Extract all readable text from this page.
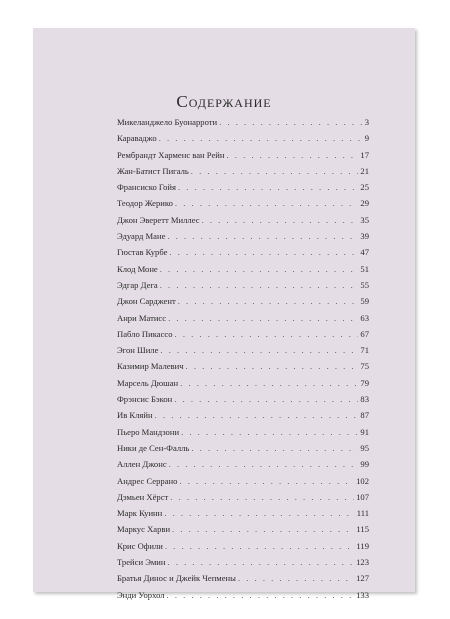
Содержание
Микеланджело Буонарроти . . .	3
Караваджо . . .	9
Рембрандт Харменс ван Рейн . . .	17
Жан-Батист Пигаль . . .	21
Франсиско Гойя . . .	25
Теодор Жерико . . .	29
Джон Эверетт Миллес . . .	35
Эдуард Мане . . .	39
Гюстав Курбе . . .	47
Клод Моне . . .	51
Эдгар Дега . . .	55
Джон Сарджент . . .	59
Анри Матисс . . .	63
Пабло Пикассо . . .	67
Эгон Шиле . . .	71
Казимир Малевич . . .	75
Марсель Дюшан . . .	79
Фрэнсис Бэкон . . .	83
Ив Кляйн . . .	87
Пьеро Мандзони . . .	91
Ники де Сен-Фалль . . .	95
Аллен Джонс . . .	99
Андрес Серрано . . .	102
Дэмьен Хёрст . . .	107
Марк Куинн . . .	111
Маркус Харви . . .	115
Крис Офили . . .	119
Трейси Эмин . . .	123
Братья Динос и Джейк Чепмены . . .	127
Энди Уорхол . . .	133
